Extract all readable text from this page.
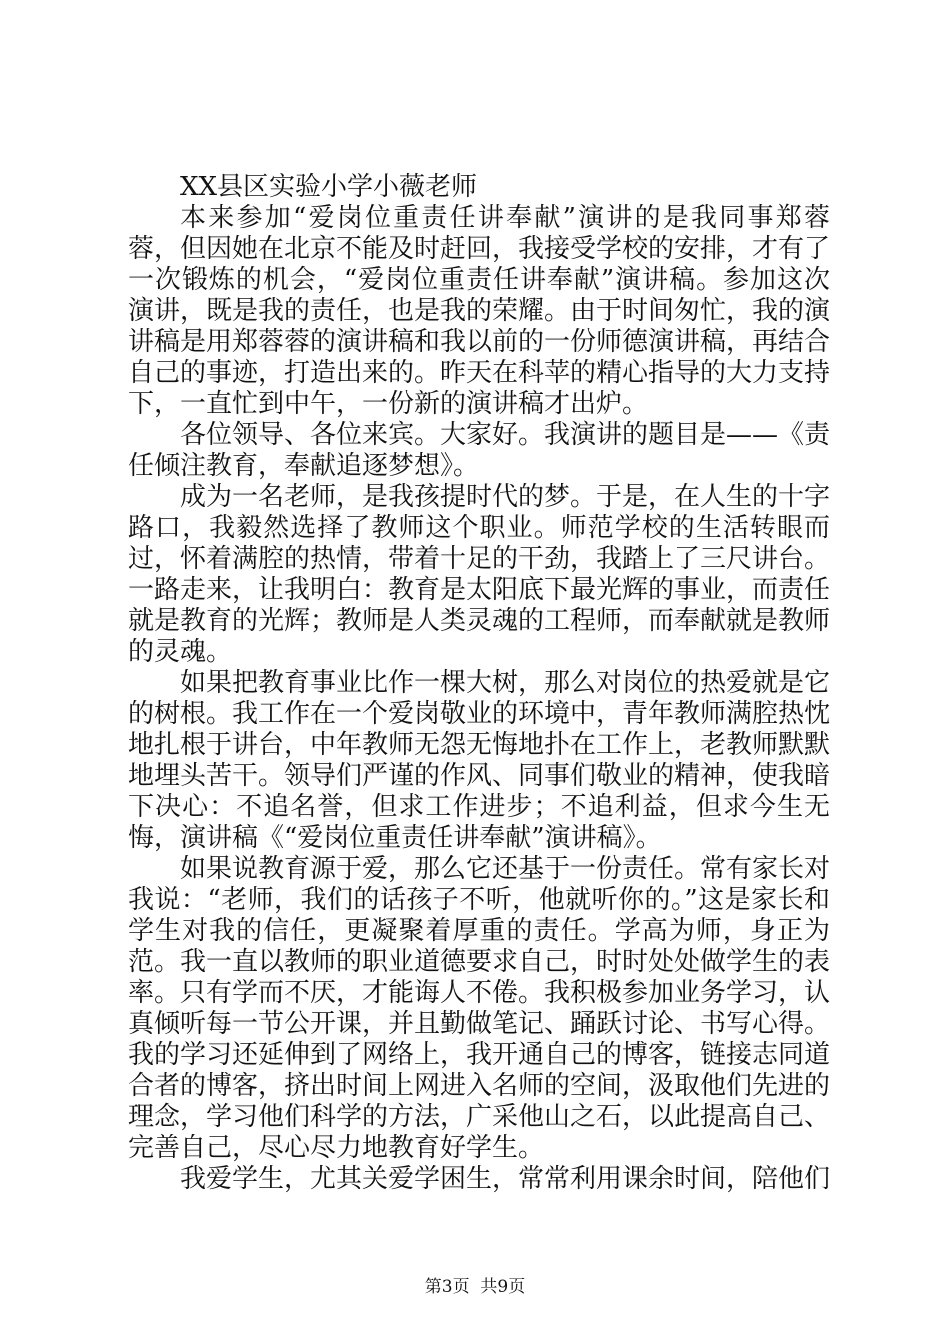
XX县区实验小学小薇老师

本来参加“爱岗位重责任讲奉献”演讲的是我同事郑蓉蓉，但因她在北京不能及时赶回，我接受学校的安排，才有了一次锻炼的机会，“爱岗位重责任讲奉献”演讲稿。参加这次演讲，既是我的责任，也是我的荣耀。由于时间匆忙，我的演讲稿是用郑蓉蓉的演讲稿和我以前的一份师德演讲稿，再结合自己的事迹，打造出来的。昨天在科苹的精心指导的大力支持下，一直忙到中午，一份新的演讲稿才出炉。

各位领导、各位来宾。大家好。我演讲的题目是——《责任倾注教育，奉献追逐梦想》。

成为一名老师，是我孩提时代的梦。于是，在人生的十字路口，我毅然选择了教师这个职业。师范学校的生活转眼而过，怀着满腔的热情，带着十足的干劲，我踏上了三尺讲台。一路走来，让我明白：教育是太阳底下最光辉的事业，而责任就是教育的光辉；教师是人类灵魂的工程师，而奉献就是教师的灵魂。

如果把教育事业比作一棵大树，那么对岗位的热爱就是它的树根。我工作在一个爱岗敬业的环境中，青年教师满腔热忱地扎根于讲台，中年教师无怨无悔地扑在工作上，老教师默默地埋头苦干。领导们严谨的作风、同事们敬业的精神，使我暗下决心：不追名誉，但求工作进步；不追利益，但求今生无悔，演讲稿《“爱岗位重责任讲奉献”演讲稿》。

如果说教育源于爱，那么它还基于一份责任。常有家长对我说：“老师，我们的话孩子不听，他就听你的。”这是家长和学生对我的信任，更凝聚着厚重的责任。学高为师，身正为范。我一直以教师的职业道德要求自己，时时处处做学生的表率。只有学而不厌，才能诲人不倦。我积极参加业务学习，认真倾听每一节公开课，并且勤做笔记、踊跃讨论、书写心得。我的学习还延伸到了网络上，我开通自己的博客，链接志同道合者的博客，挤出时间上网进入名师的空间，汲取他们先进的理念，学习他们科学的方法，广采他山之石，以此提高自己、完善自己，尽心尽力地教育好学生。

我爱学生，尤其关爱学困生，常常利用课余时间，陪他们

第3页  共9页
